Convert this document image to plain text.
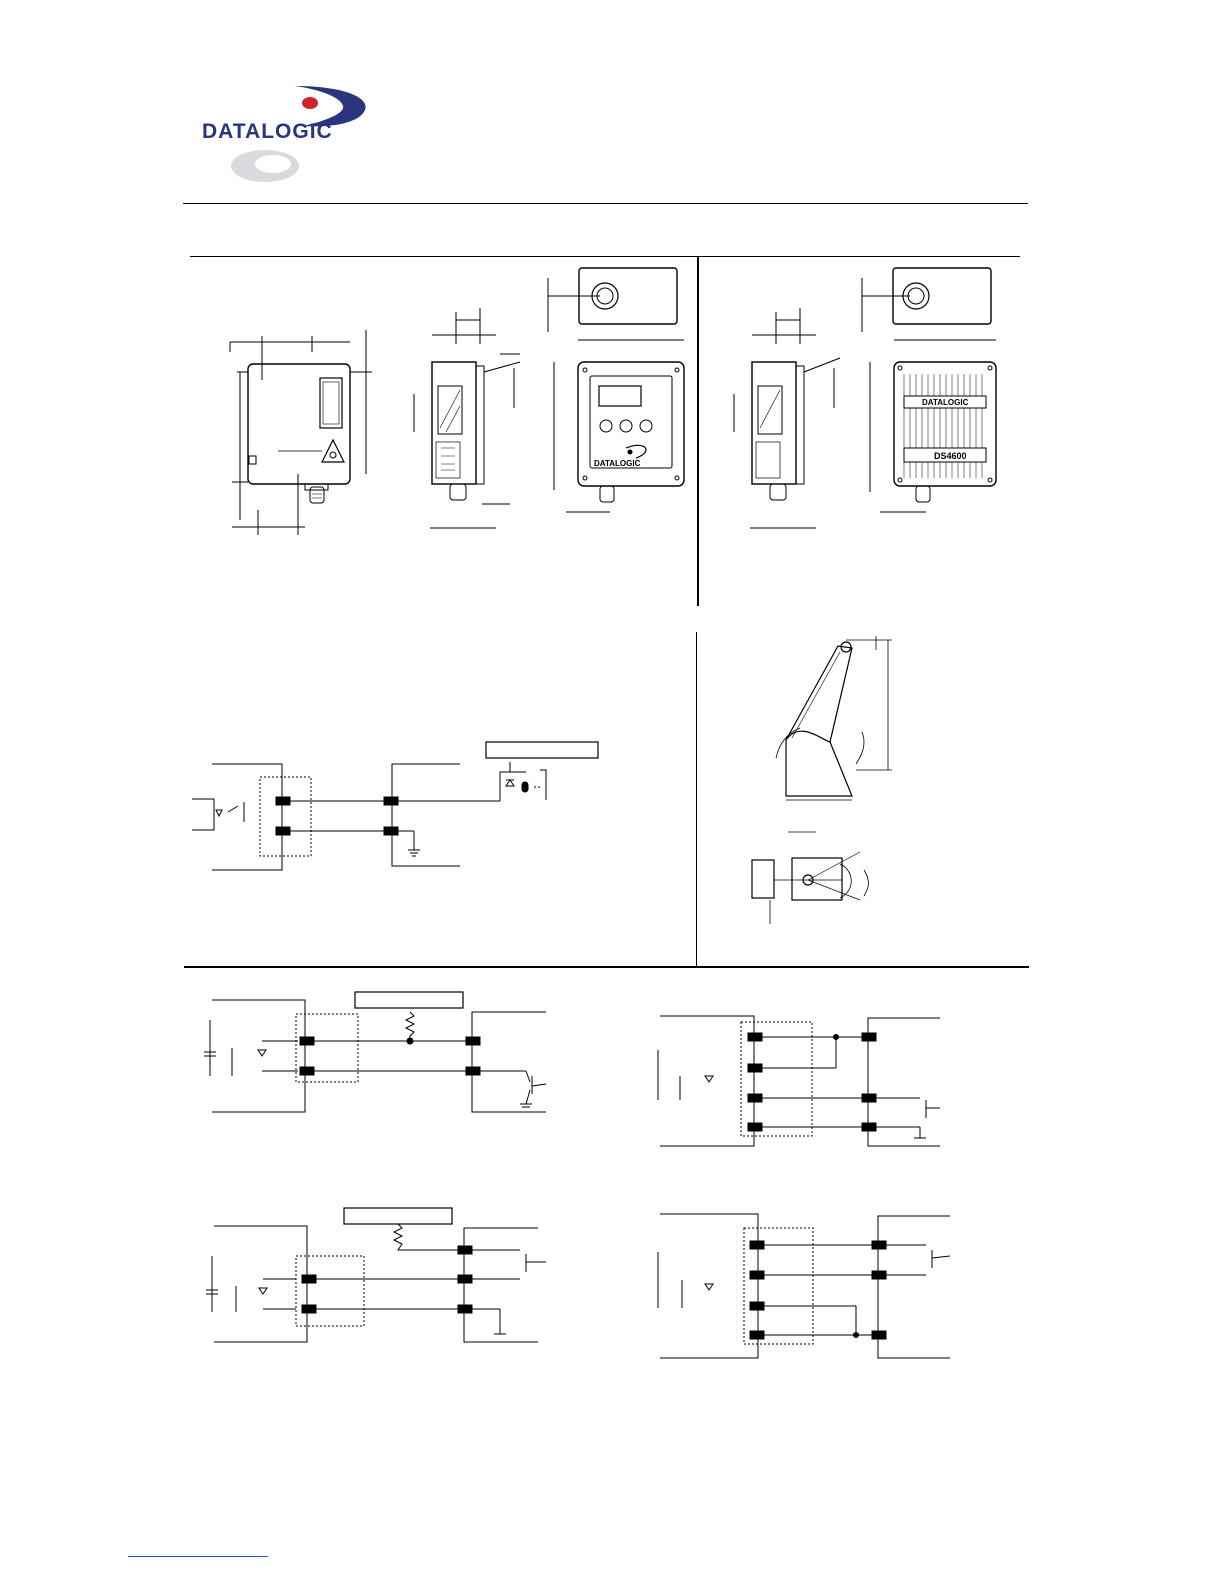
DATALOGIC
DATALOGIC
DATALOGIC
DS4600
